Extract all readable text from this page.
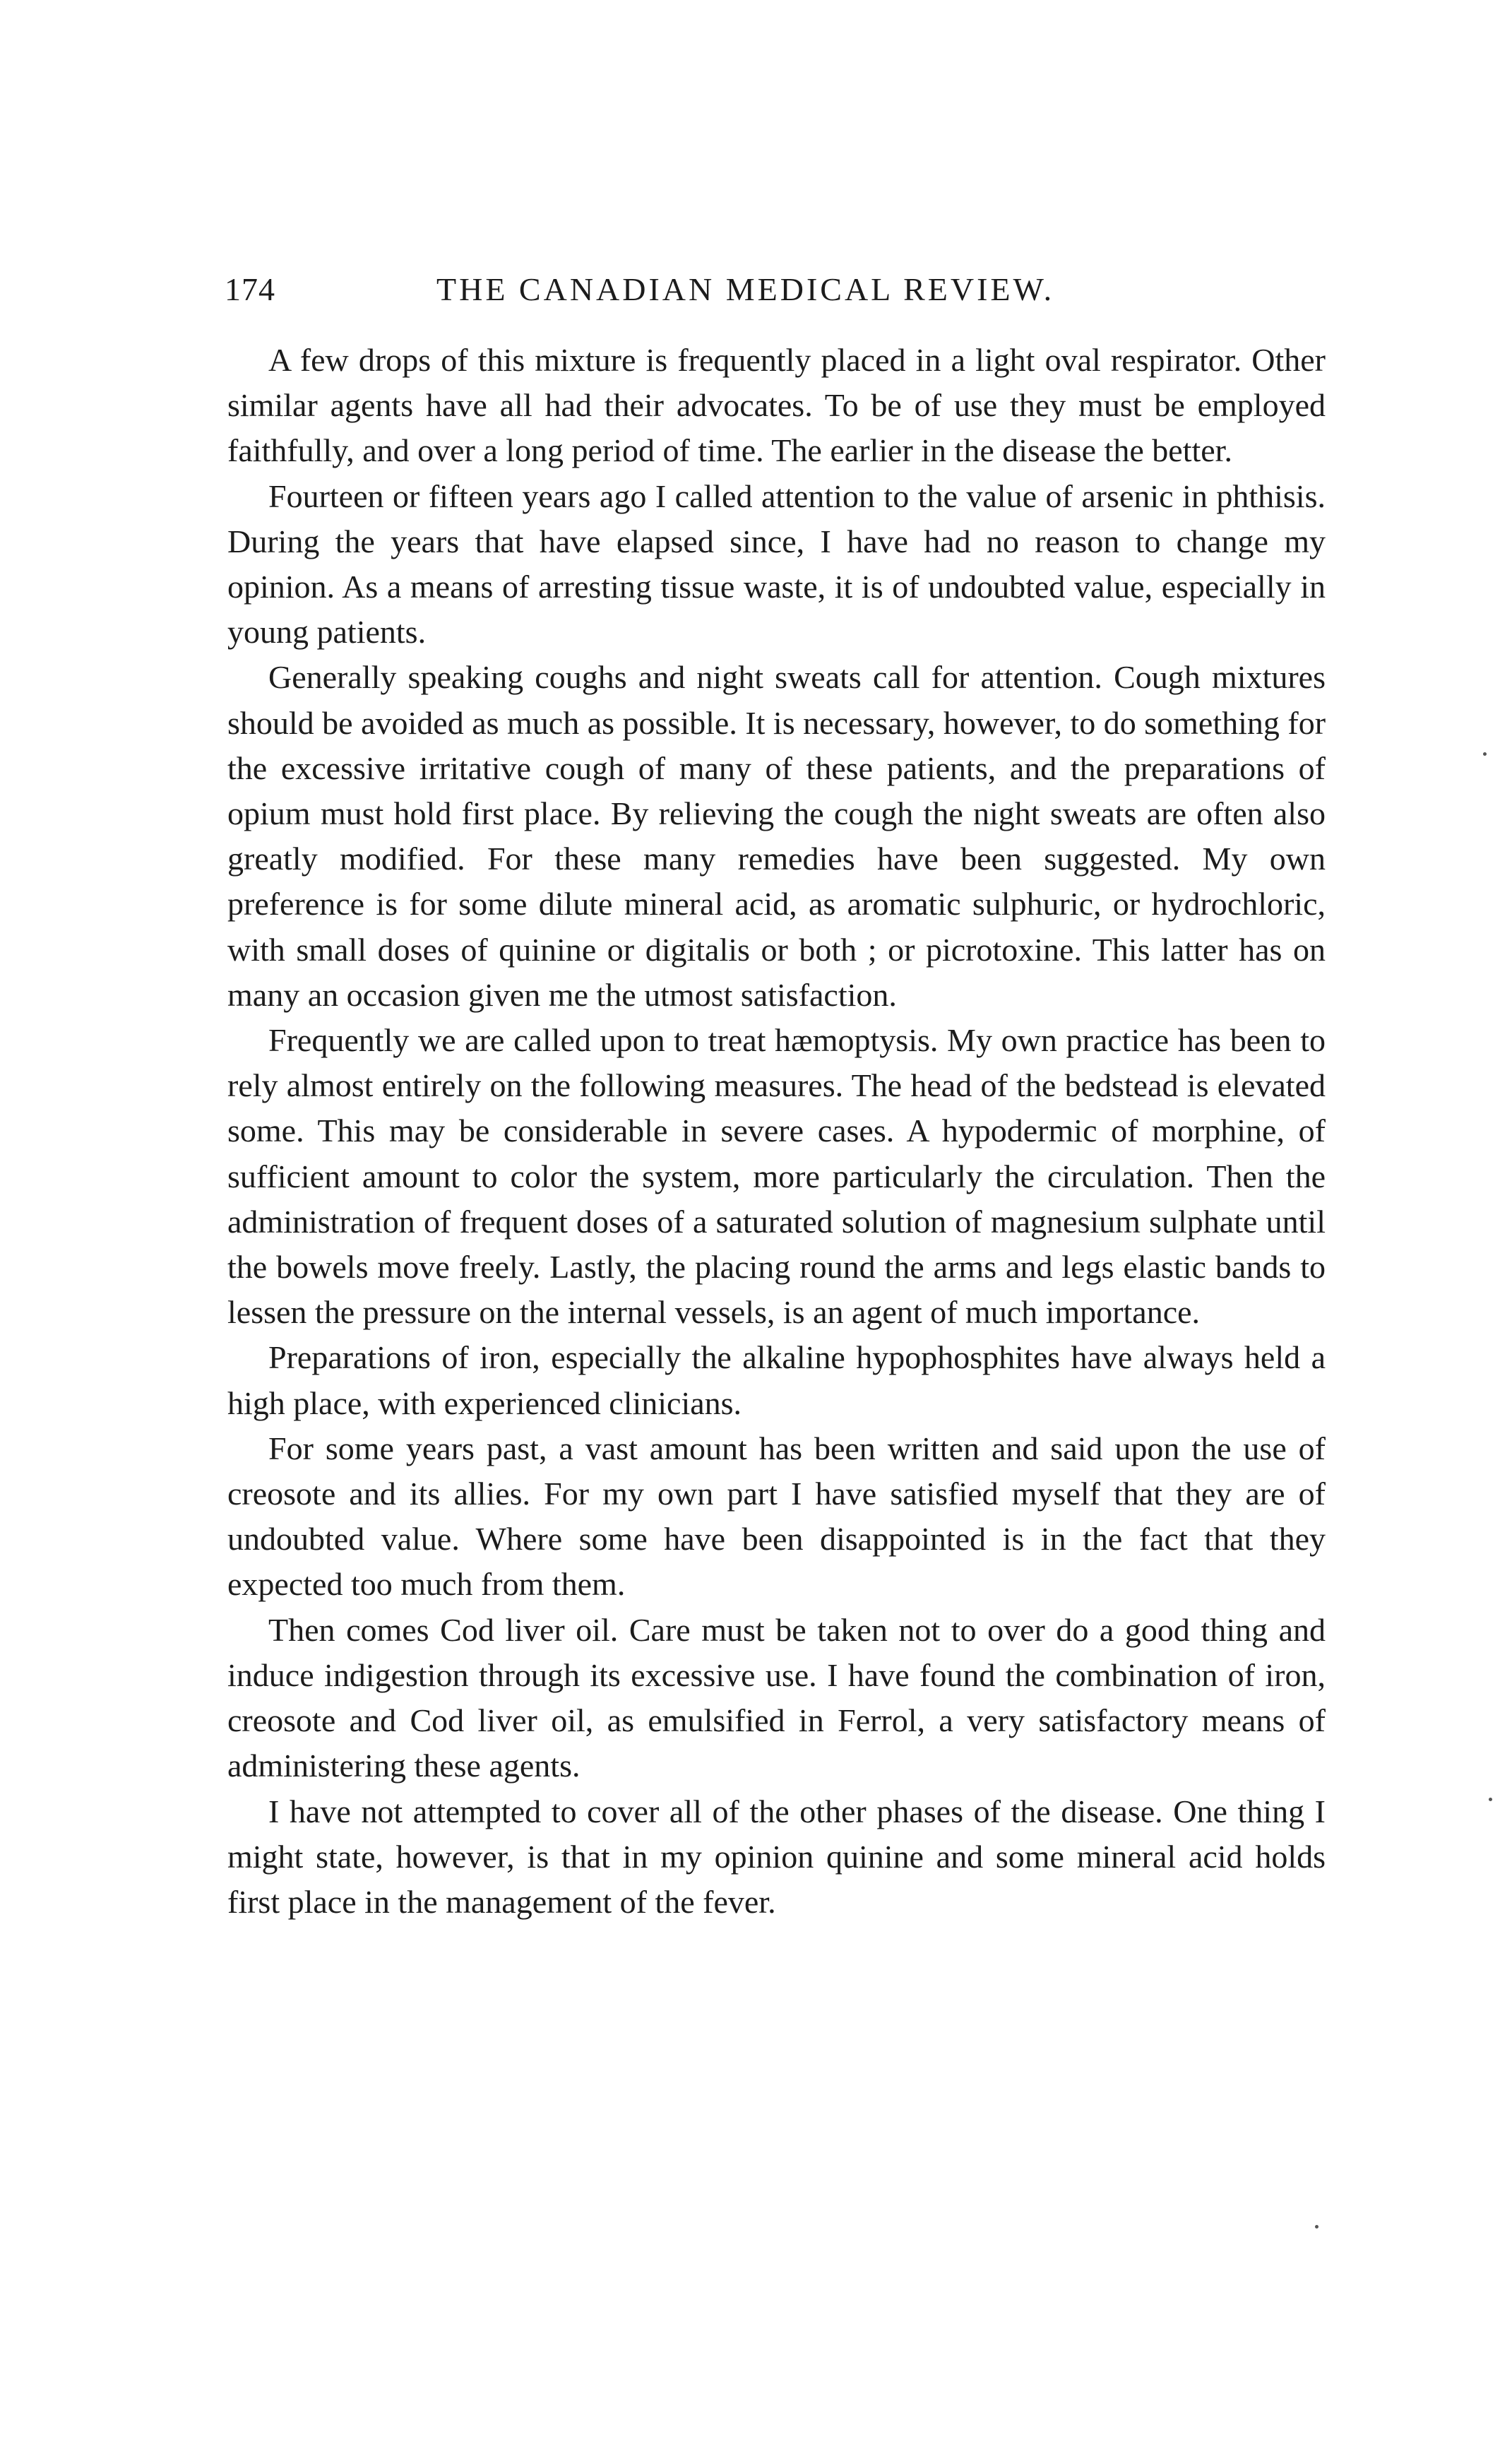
174	THE CANADIAN MEDICAL REVIEW.

A few drops of this mixture is frequently placed in a light oval respirator. Other similar agents have all had their advocates. To be of use they must be employed faithfully, and over a long period of time. The earlier in the disease the better.

Fourteen or fifteen years ago I called attention to the value of arsenic in phthisis. During the years that have elapsed since, I have had no reason to change my opinion. As a means of arresting tissue waste, it is of undoubted value, especially in young patients.

Generally speaking coughs and night sweats call for attention. Cough mixtures should be avoided as much as possible. It is necessary, however, to do something for the excessive irritative cough of many of these patients, and the preparations of opium must hold first place. By relieving the cough the night sweats are often also greatly modified. For these many remedies have been suggested. My own preference is for some dilute mineral acid, as aromatic sulphuric, or hydrochloric, with small doses of quinine or digitalis or both ; or picrotoxine. This latter has on many an occasion given me the utmost satisfaction.

Frequently we are called upon to treat hæmoptysis. My own practice has been to rely almost entirely on the following measures. The head of the bedstead is elevated some. This may be considerable in severe cases. A hypodermic of morphine, of sufficient amount to color the system, more particularly the circulation. Then the administration of frequent doses of a saturated solution of magnesium sulphate until the bowels move freely. Lastly, the placing round the arms and legs elastic bands to lessen the pressure on the internal vessels, is an agent of much importance.

Preparations of iron, especially the alkaline hypophosphites have always held a high place, with experienced clinicians.

For some years past, a vast amount has been written and said upon the use of creosote and its allies. For my own part I have satisfied myself that they are of undoubted value. Where some have been disappointed is in the fact that they expected too much from them.

Then comes Cod liver oil. Care must be taken not to over do a good thing and induce indigestion through its excessive use. I have found the combination of iron, creosote and Cod liver oil, as emulsified in Ferrol, a very satisfactory means of administering these agents.

I have not attempted to cover all of the other phases of the disease. One thing I might state, however, is that in my opinion quinine and some mineral acid holds first place in the management of the fever.
